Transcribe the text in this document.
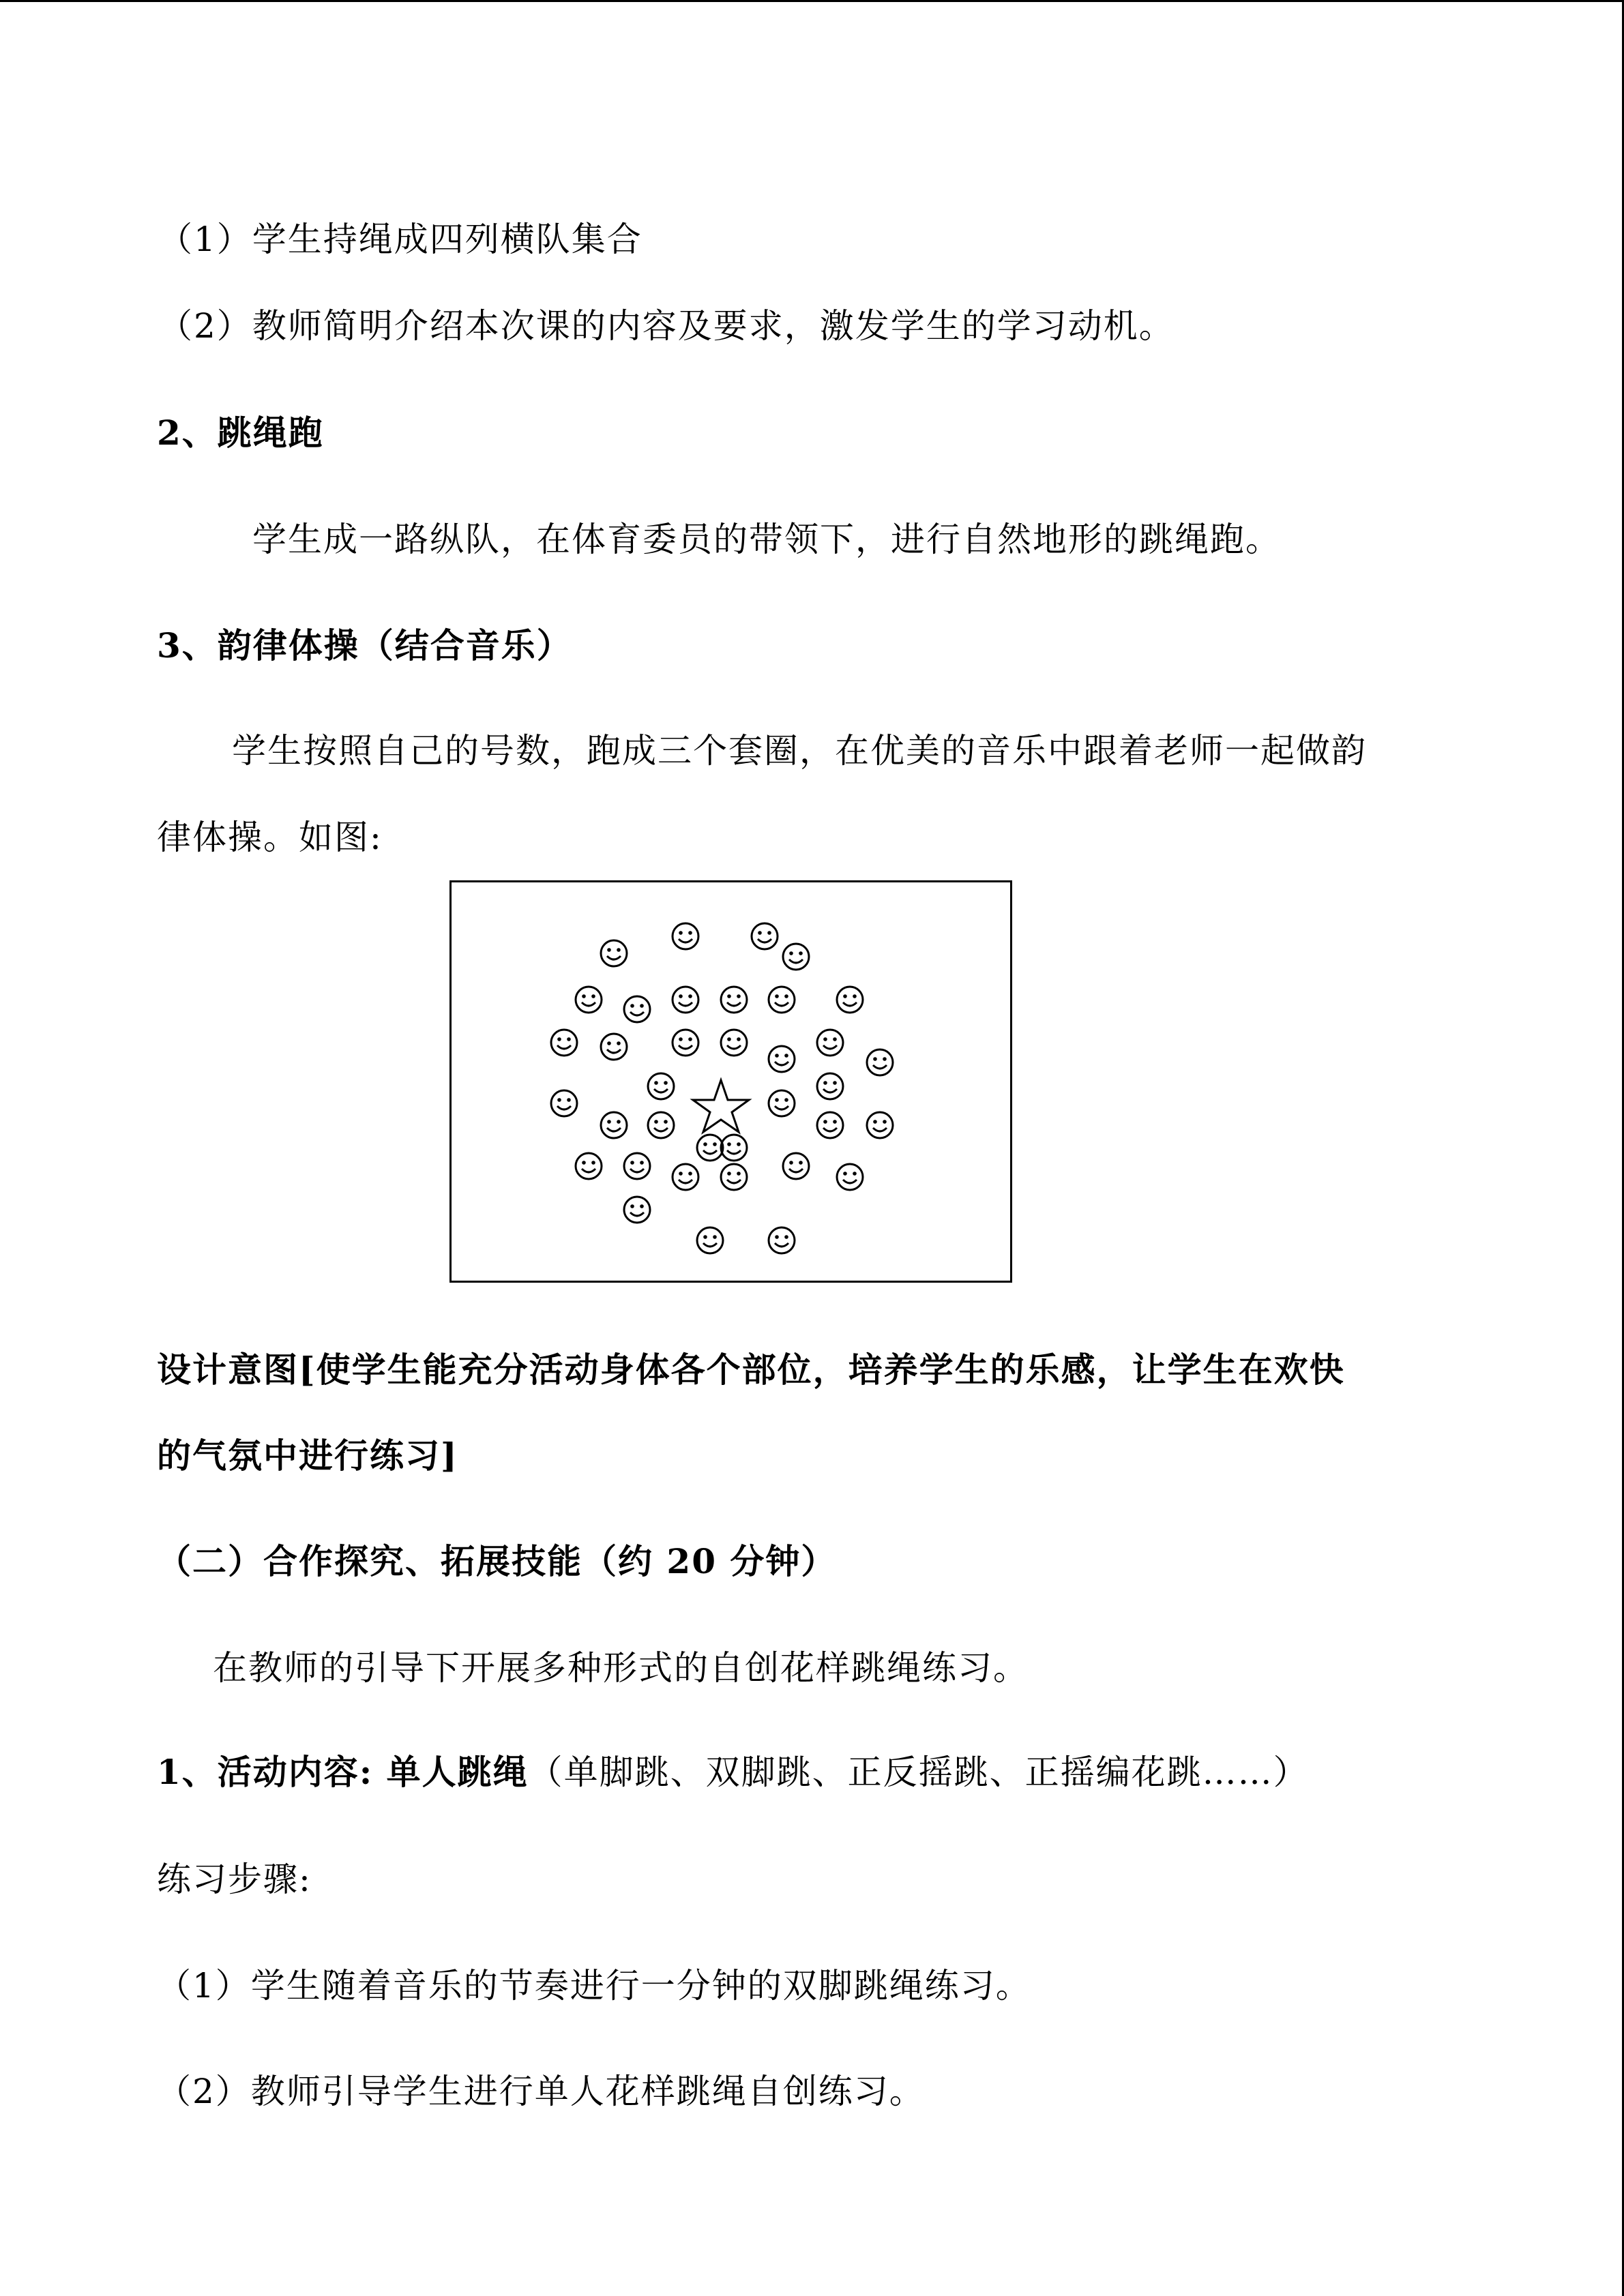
（1）学生持绳成四列横队集合
（2）教师简明介绍本次课的内容及要求，激发学生的学习动机。
2、跳绳跑
学生成一路纵队，在体育委员的带领下，进行自然地形的跳绳跑。
3、韵律体操（结合音乐）
学生按照自己的号数，跑成三个套圈，在优美的音乐中跟着老师一起做韵
律体操。如图:
设计意图[使学生能充分活动身体各个部位，培养学生的乐感，让学生在欢快
的气氛中进行练习]
（二）合作探究、拓展技能（约 20 分钟）
在教师的引导下开展多种形式的自创花样跳绳练习。
1、活动内容: 单人跳绳（单脚跳、双脚跳、正反摇跳、正摇编花跳……）
练习步骤:
（1）学生随着音乐的节奏进行一分钟的双脚跳绳练习。
（2）教师引导学生进行单人花样跳绳自创练习。
